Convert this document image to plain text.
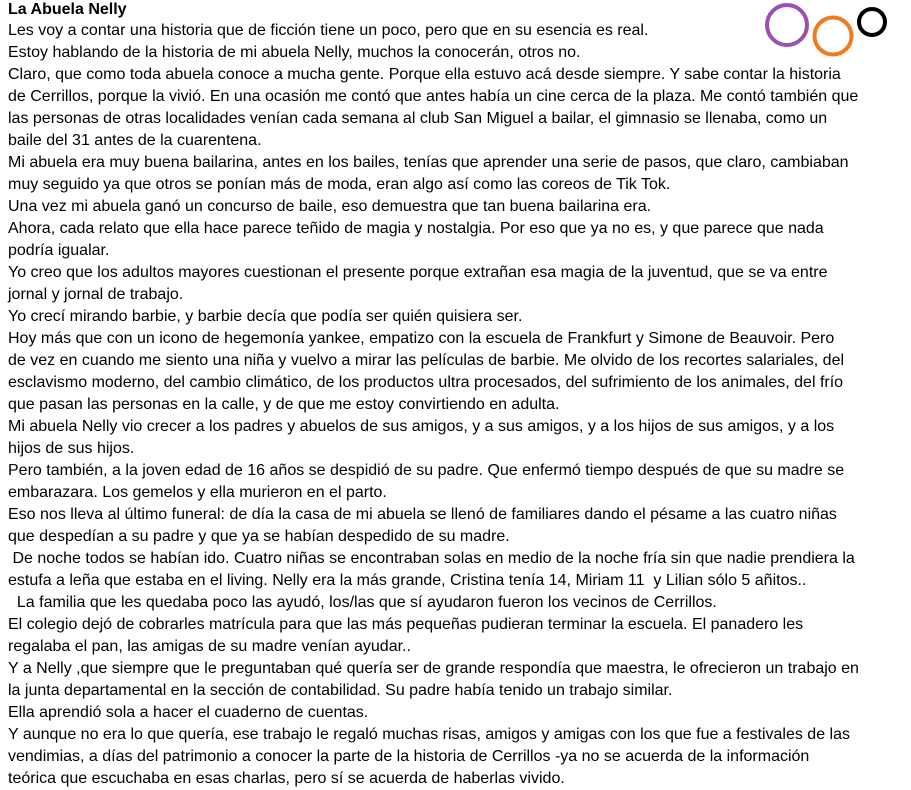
La Abuela Nelly
Les voy a contar una historia que de ficción tiene un poco, pero que en su esencia es real.
Estoy hablando de la historia de mi abuela Nelly, muchos la conocerán, otros no.
Claro, que como toda abuela conoce a mucha gente. Porque ella estuvo acá desde siempre. Y sabe contar la historia
de Cerrillos, porque la vivió. En una ocasión me contó que antes había un cine cerca de la plaza. Me contó también que
las personas de otras localidades venían cada semana al club San Miguel a bailar, el gimnasio se llenaba, como un
baile del 31 antes de la cuarentena.
Mi abuela era muy buena bailarina, antes en los bailes, tenías que aprender una serie de pasos, que claro, cambiaban
muy seguido ya que otros se ponían más de moda, eran algo así como las coreos de Tik Tok.
Una vez mi abuela ganó un concurso de baile, eso demuestra que tan buena bailarina era.
Ahora, cada relato que ella hace parece teñido de magia y nostalgia. Por eso que ya no es, y que parece que nada
podría igualar.
Yo creo que los adultos mayores cuestionan el presente porque extrañan esa magia de la juventud, que se va entre
jornal y jornal de trabajo.
Yo crecí mirando barbie, y barbie decía que podía ser quién quisiera ser.
Hoy más que con un icono de hegemonía yankee, empatizo con la escuela de Frankfurt y Simone de Beauvoir. Pero
de vez en cuando me siento una niña y vuelvo a mirar las películas de barbie. Me olvido de los recortes salariales, del
esclavismo moderno, del cambio climático, de los productos ultra procesados, del sufrimiento de los animales, del frío
que pasan las personas en la calle, y de que me estoy convirtiendo en adulta.
Mi abuela Nelly vio crecer a los padres y abuelos de sus amigos, y a sus amigos, y a los hijos de sus amigos, y a los
hijos de sus hijos.
Pero también, a la joven edad de 16 años se despidió de su padre. Que enfermó tiempo después de que su madre se
embarazara. Los gemelos y ella murieron en el parto.
Eso nos lleva al último funeral: de día la casa de mi abuela se llenó de familiares dando el pésame a las cuatro niñas
que despedían a su padre y que ya se habían despedido de su madre.
De noche todos se habían ido. Cuatro niñas se encontraban solas en medio de la noche fría sin que nadie prendiera la
estufa a leña que estaba en el living. Nelly era la más grande, Cristina tenía 14, Miriam 11  y Lilian sólo 5 añitos..
La familia que les quedaba poco las ayudó, los/las que sí ayudaron fueron los vecinos de Cerrillos.
El colegio dejó de cobrarles matrícula para que las más pequeñas pudieran terminar la escuela. El panadero les
regalaba el pan, las amigas de su madre venían ayudar..
Y a Nelly ,que siempre que le preguntaban qué quería ser de grande respondía que maestra, le ofrecieron un trabajo en
la junta departamental en la sección de contabilidad. Su padre había tenido un trabajo similar.
Ella aprendió sola a hacer el cuaderno de cuentas.
Y aunque no era lo que quería, ese trabajo le regaló muchas risas, amigos y amigas con los que fue a festivales de las
vendimias, a días del patrimonio a conocer la parte de la historia de Cerrillos -ya no se acuerda de la información
teórica que escuchaba en esas charlas, pero sí se acuerda de haberlas vivido.
